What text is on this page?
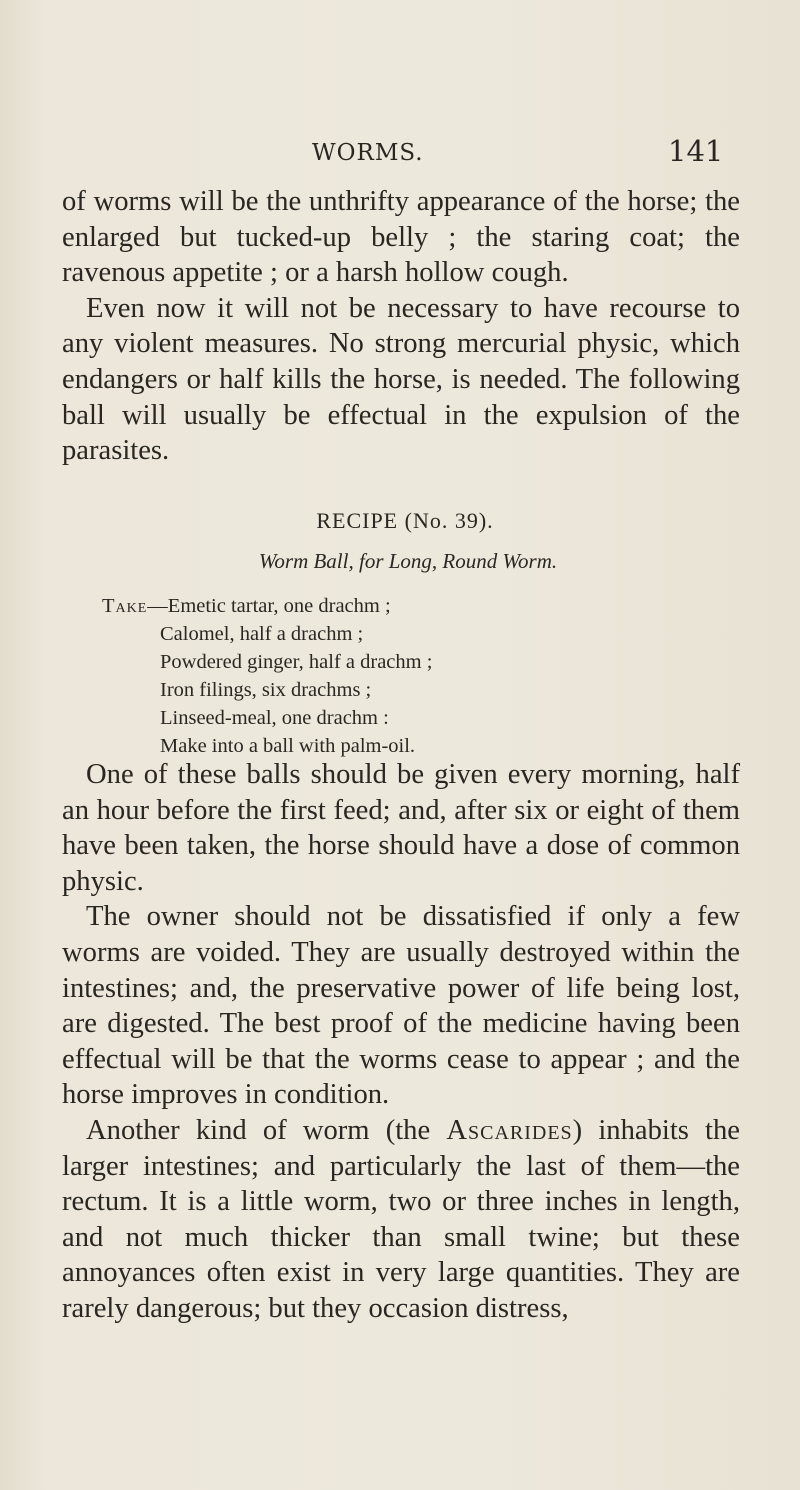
WORMS.	141

of worms will be the unthrifty appearance of the horse; the enlarged but tucked-up belly ; the staring coat; the ravenous appetite ; or a harsh hollow cough.

Even now it will not be necessary to have recourse to any violent measures. No strong mercurial physic, which endangers or half kills the horse, is needed. The following ball will usually be effectual in the expulsion of the parasites.

RECIPE (No. 39).
Worm Ball, for Long, Round Worm.
Take—Emetic tartar, one drachm ;
Calomel, half a drachm ;
Powdered ginger, half a drachm ;
Iron filings, six drachms ;
Linseed-meal, one drachm :
Make into a ball with palm-oil.

One of these balls should be given every morning, half an hour before the first feed; and, after six or eight of them have been taken, the horse should have a dose of common physic.

The owner should not be dissatisfied if only a few worms are voided. They are usually destroyed within the intestines; and, the preservative power of life being lost, are digested. The best proof of the medicine having been effectual will be that the worms cease to appear ; and the horse improves in condition.

Another kind of worm (the Ascarides) inhabits the larger intestines; and particularly the last of them—the rectum. It is a little worm, two or three inches in length, and not much thicker than small twine; but these annoyances often exist in very large quantities. They are rarely dangerous; but they occasion distress,
